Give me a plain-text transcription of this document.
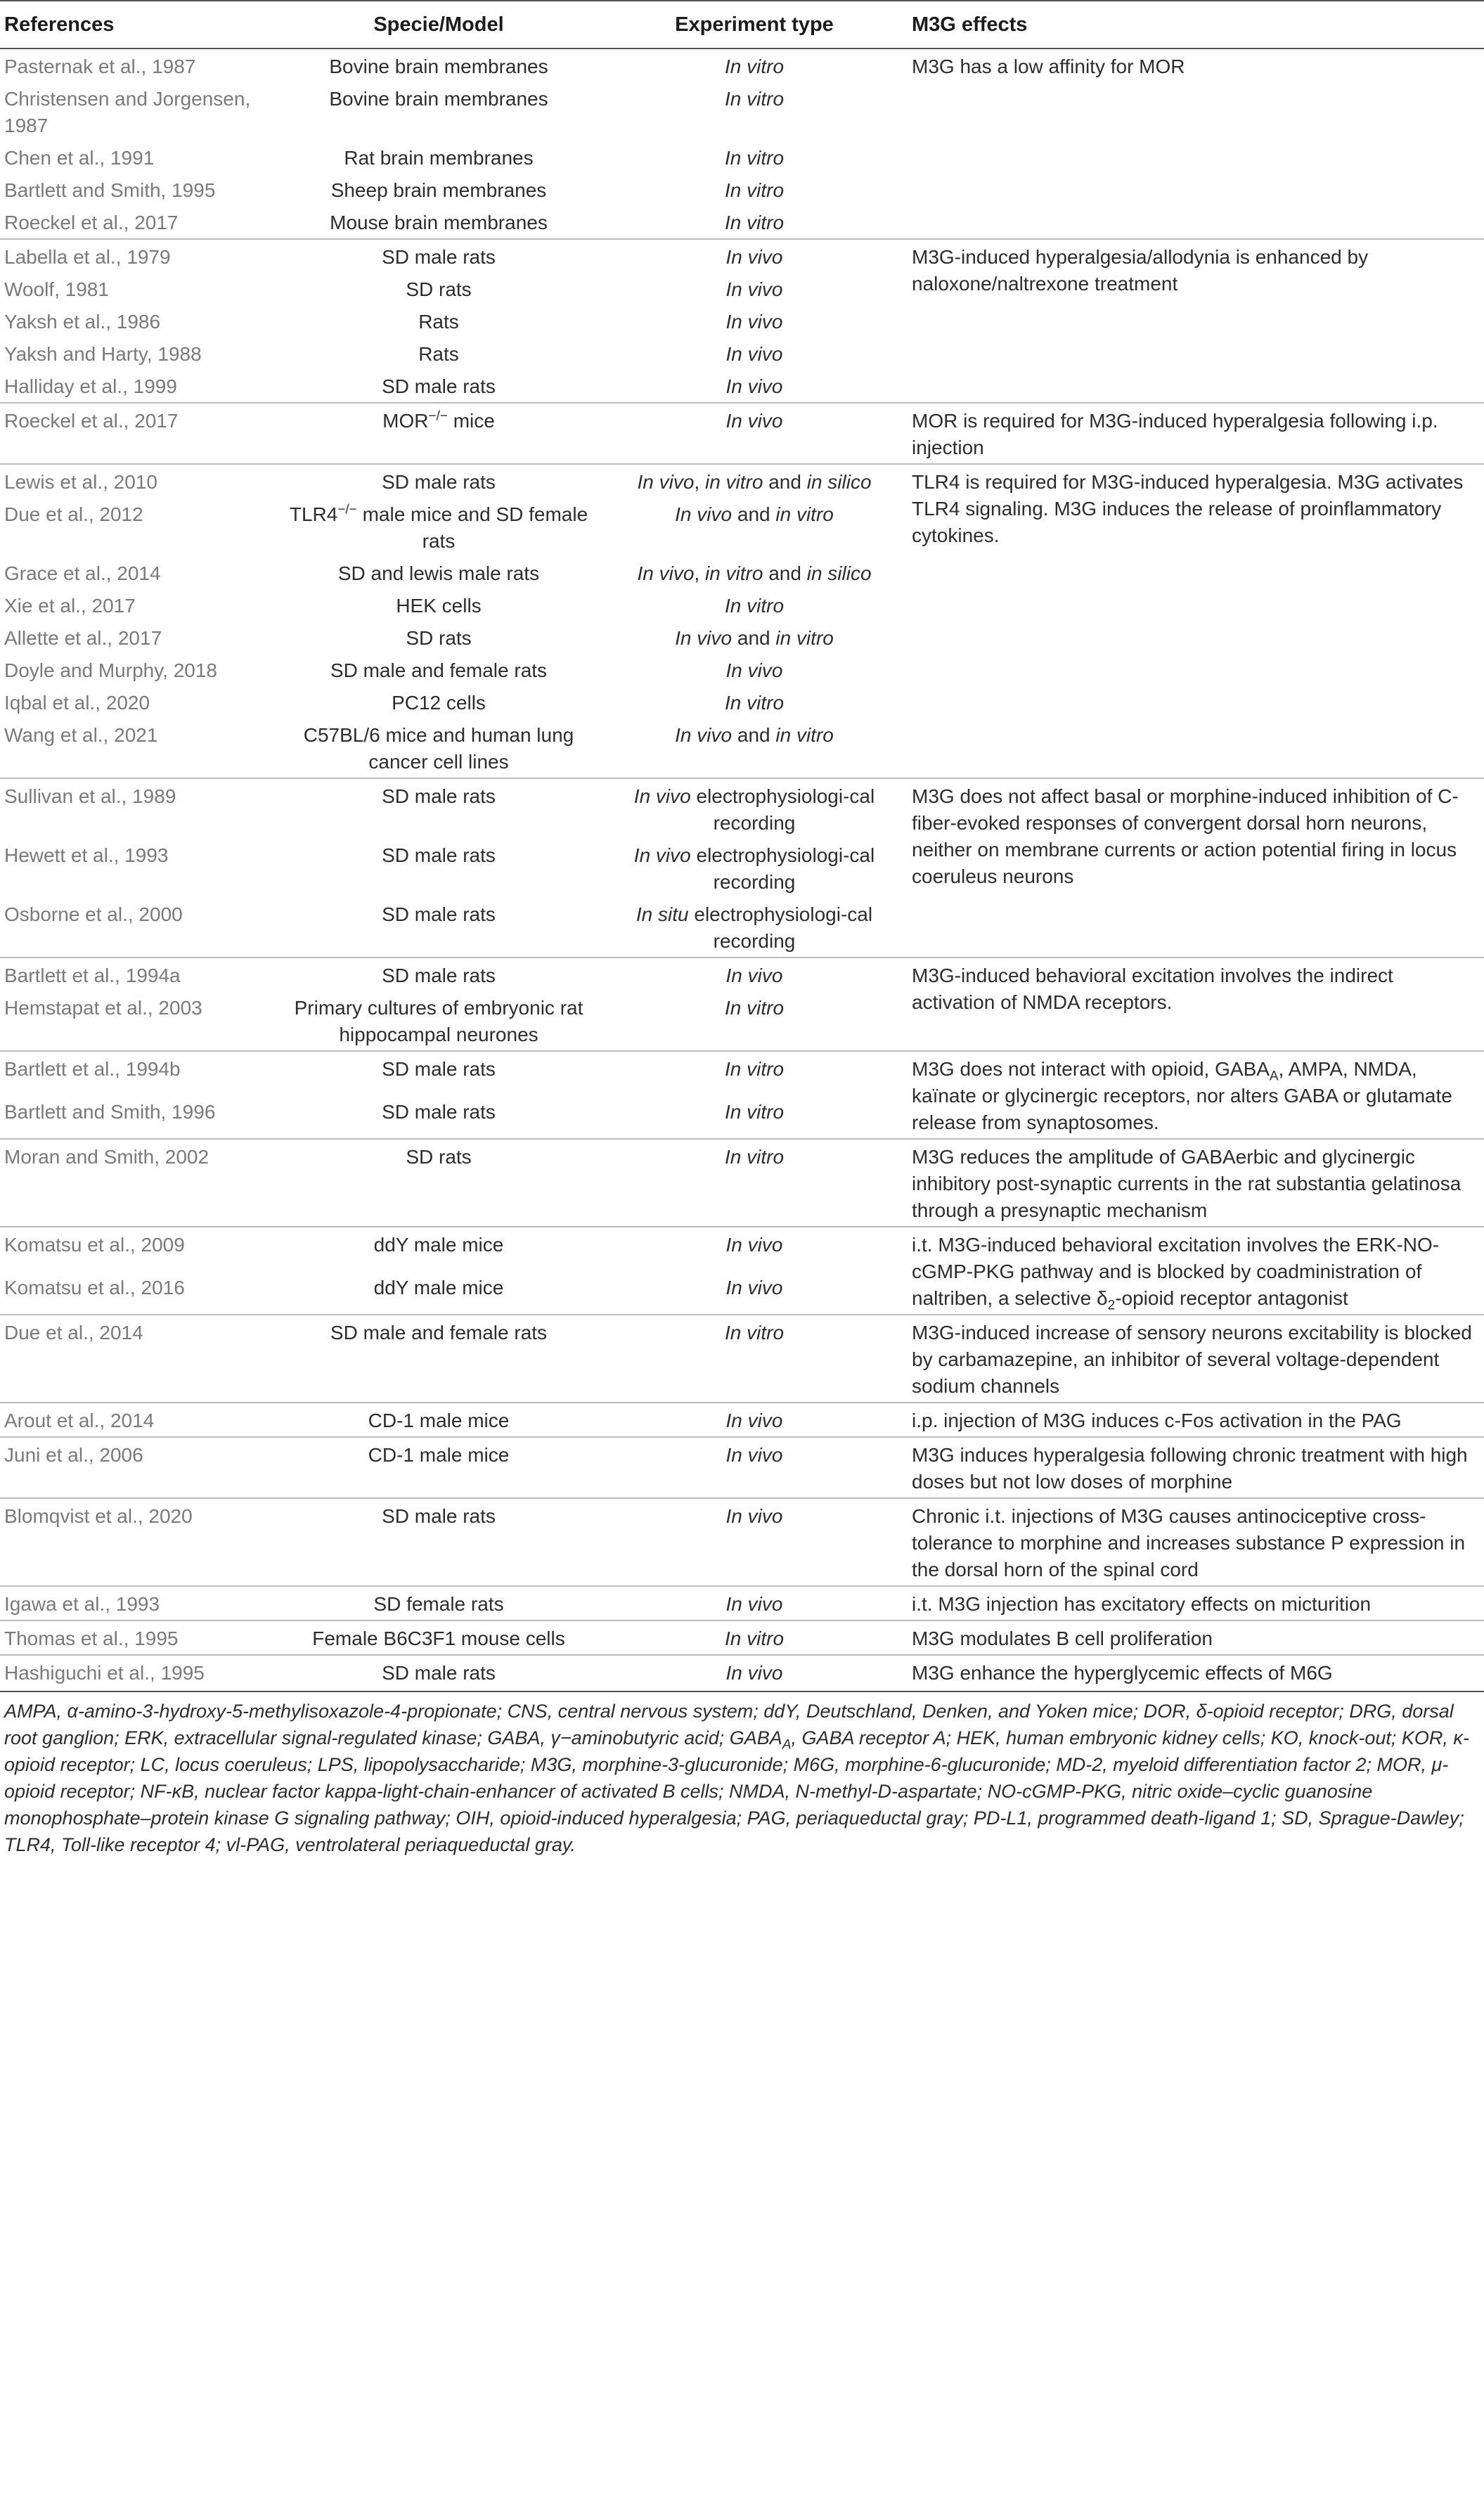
References	Specie/Model	Experiment type	M3G effects
Pasternak et al., 1987	Bovine brain membranes	In vitro	M3G has a low affinity for MOR
Christensen and Jorgensen, 1987	Bovine brain membranes	In vitro	
Chen et al., 1991	Rat brain membranes	In vitro	
Bartlett and Smith, 1995	Sheep brain membranes	In vitro	
Roeckel et al., 2017	Mouse brain membranes	In vitro	
Labella et al., 1979	SD male rats	In vivo	M3G-induced hyperalgesia/allodynia is enhanced by naloxone/naltrexone treatment
Woolf, 1981	SD rats	In vivo	
Yaksh et al., 1986	Rats	In vivo	
Yaksh and Harty, 1988	Rats	In vivo	
Halliday et al., 1999	SD male rats	In vivo	
Roeckel et al., 2017	MOR−/− mice	In vivo	MOR is required for M3G-induced hyperalgesia following i.p. injection
Lewis et al., 2010	SD male rats	In vivo, in vitro and in silico	TLR4 is required for M3G-induced hyperalgesia. M3G activates TLR4 signaling. M3G induces the release of proinflammatory cytokines.
Due et al., 2012	TLR4−/− male mice and SD female rats	In vivo and in vitro	
Grace et al., 2014	SD and lewis male rats	In vivo, in vitro and in silico	
Xie et al., 2017	HEK cells	In vitro	
Allette et al., 2017	SD rats	In vivo and in vitro	
Doyle and Murphy, 2018	SD male and female rats	In vivo	
Iqbal et al., 2020	PC12 cells	In vitro	
Wang et al., 2021	C57BL/6 mice and human lung cancer cell lines	In vivo and in vitro	
Sullivan et al., 1989	SD male rats	In vivo electrophysiologi-cal recording	M3G does not affect basal or morphine-induced inhibition of C-fiber-evoked responses of convergent dorsal horn neurons, neither on membrane currents or action potential firing in locus coeruleus neurons
Hewett et al., 1993	SD male rats	In vivo electrophysiologi-cal recording	
Osborne et al., 2000	SD male rats	In situ electrophysiologi-cal recording	
Bartlett et al., 1994a	SD male rats	In vivo	M3G-induced behavioral excitation involves the indirect activation of NMDA receptors.
Hemstapat et al., 2003	Primary cultures of embryonic rat hippocampal neurones	In vitro	
Bartlett et al., 1994b	SD male rats	In vitro	M3G does not interact with opioid, $GABA_A$, AMPA, NMDA, kaïnate or glycinergic receptors, nor alters GABA or glutamate release from synaptosomes.
Bartlett and Smith, 1996	SD male rats	In vitro	
Moran and Smith, 2002	SD rats	In vitro	M3G reduces the amplitude of GABAerbic and glycinergic inhibitory post-synaptic currents in the rat substantia gelatinosa through a presynaptic mechanism
Komatsu et al., 2009	ddY male mice	In vivo	i.t. M3G-induced behavioral excitation involves the ERK-NO-cGMP-PKG pathway and is blocked by coadministration of naltriben, a selective $\delta_2$-opioid receptor antagonist
Komatsu et al., 2016	ddY male mice	In vivo	
Due et al., 2014	SD male and female rats	In vitro	M3G-induced increase of sensory neurons excitability is blocked by carbamazepine, an inhibitor of several voltage-dependent sodium channels
Arout et al., 2014	CD-1 male mice	In vivo	i.p. injection of M3G induces c-Fos activation in the PAG
Juni et al., 2006	CD-1 male mice	In vivo	M3G induces hyperalgesia following chronic treatment with high doses but not low doses of morphine
Blomqvist et al., 2020	SD male rats	In vivo	Chronic i.t. injections of M3G causes antinociceptive cross-tolerance to morphine and increases substance P expression in the dorsal horn of the spinal cord
Igawa et al., 1993	SD female rats	In vivo	i.t. M3G injection has excitatory effects on micturition
Thomas et al., 1995	Female B6C3F1 mouse cells	In vitro	M3G modulates B cell proliferation
Hashiguchi et al., 1995	SD male rats	In vivo	M3G enhance the hyperglycemic effects of M6G
AMPA, α-amino-3-hydroxy-5-methylisoxazole-4-propionate; CNS, central nervous system; ddY, Deutschland, Denken, and Yoken mice; DOR, δ-opioid receptor; DRG, dorsal root ganglion; ERK, extracellular signal-regulated kinase; GABA, γ−aminobutyric acid; $GABA_A$, GABA receptor A; HEK, human embryonic kidney cells; KO, knock-out; KOR, κ-opioid receptor; LC, locus coeruleus; LPS, lipopolysaccharide; M3G, morphine-3-glucuronide; M6G, morphine-6-glucuronide; MD-2, myeloid differentiation factor 2; MOR, μ-opioid receptor; NF-κB, nuclear factor kappa-light-chain-enhancer of activated B cells; NMDA, N-methyl-D-aspartate; NO-cGMP-PKG, nitric oxide–cyclic guanosine monophosphate–protein kinase G signaling pathway; OIH, opioid-induced hyperalgesia; PAG, periaqueductal gray; PD-L1, programmed death-ligand 1; SD, Sprague-Dawley; TLR4, Toll-like receptor 4; vl-PAG, ventrolateral periaqueductal gray.
